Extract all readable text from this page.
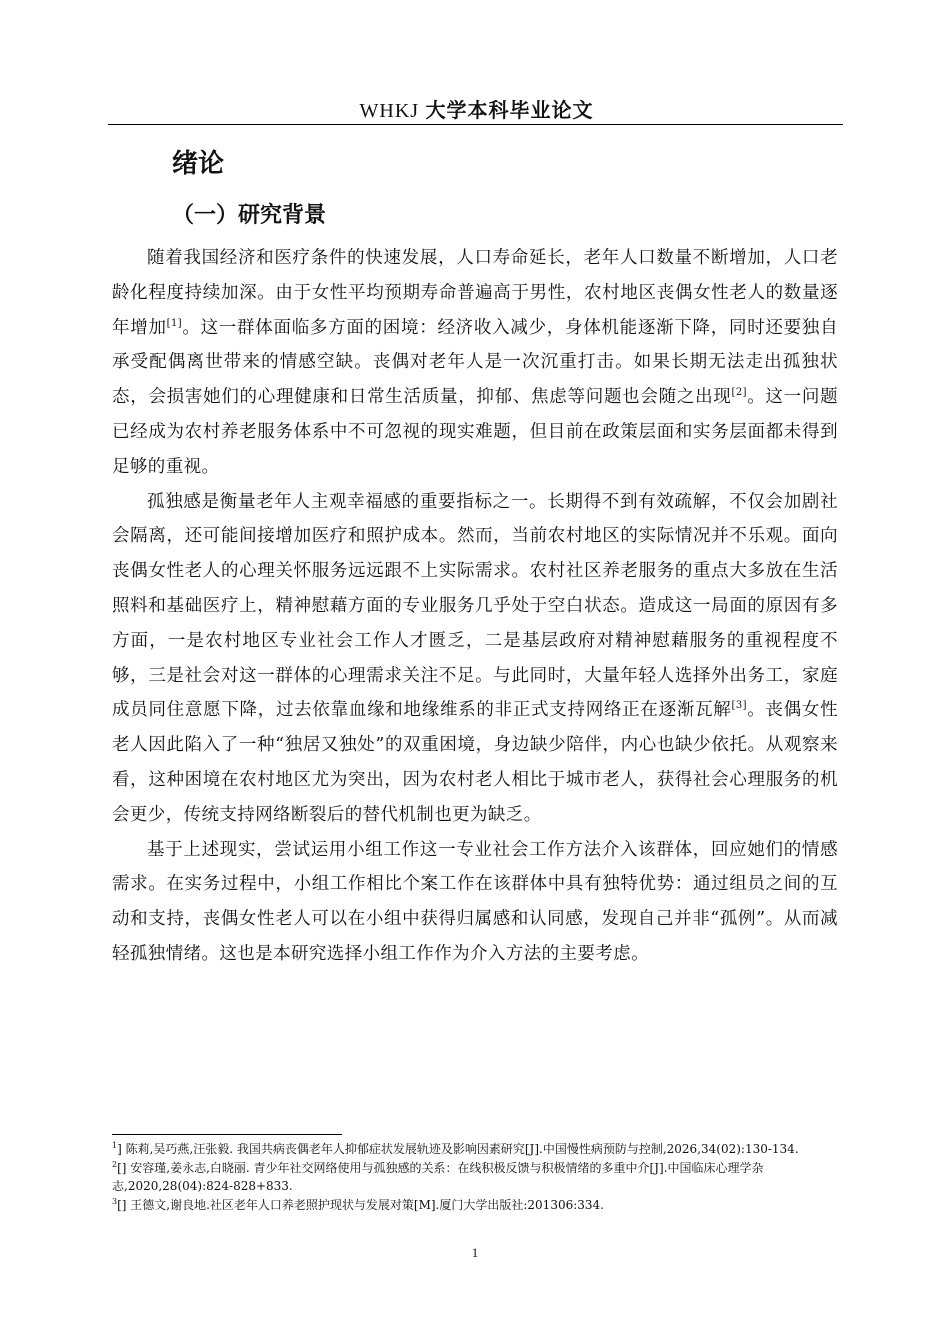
WHKJ 大学本科毕业论文
绪论
（一）研究背景

随着我国经济和医疗条件的快速发展，人口寿命延长，老年人口数量不断增加，人口老龄化程度持续加深。由于女性平均预期寿命普遍高于男性，农村地区丧偶女性老人的数量逐年增加[1]。这一群体面临多方面的困境：经济收入减少，身体机能逐渐下降，同时还要独自承受配偶离世带来的情感空缺。丧偶对老年人是一次沉重打击。如果长期无法走出孤独状态，会损害她们的心理健康和日常生活质量，抑郁、焦虑等问题也会随之出现[2]。这一问题已经成为农村养老服务体系中不可忽视的现实难题，但目前在政策层面和实务层面都未得到足够的重视。

孤独感是衡量老年人主观幸福感的重要指标之一。长期得不到有效疏解，不仅会加剧社会隔离，还可能间接增加医疗和照护成本。然而，当前农村地区的实际情况并不乐观。面向丧偶女性老人的心理关怀服务远远跟不上实际需求。农村社区养老服务的重点大多放在生活照料和基础医疗上，精神慰藉方面的专业服务几乎处于空白状态。造成这一局面的原因有多方面，一是农村地区专业社会工作人才匮乏，二是基层政府对精神慰藉服务的重视程度不够，三是社会对这一群体的心理需求关注不足。与此同时，大量年轻人选择外出务工，家庭成员同住意愿下降，过去依靠血缘和地缘维系的非正式支持网络正在逐渐瓦解[3]。丧偶女性老人因此陷入了一种“独居又独处”的双重困境，身边缺少陪伴，内心也缺少依托。从观察来看，这种困境在农村地区尤为突出，因为农村老人相比于城市老人，获得社会心理服务的机会更少，传统支持网络断裂后的替代机制也更为缺乏。

基于上述现实，尝试运用小组工作这一专业社会工作方法介入该群体，回应她们的情感需求。在实务过程中，小组工作相比个案工作在该群体中具有独特优势：通过组员之间的互动和支持，丧偶女性老人可以在小组中获得归属感和认同感，发现自己并非“孤例”。从而减轻孤独情绪。这也是本研究选择小组工作作为介入方法的主要考虑。

$^1$] 陈莉,吴巧燕,汪张毅. 我国共病丧偶老年人抑郁症状发展轨迹及影响因素研究[J].中国慢性病预防与控制,2026,34(02):130-134.

$^2$[] 安容瑾,姜永志,白晓丽. 青少年社交网络使用与孤独感的关系：在线积极反馈与积极情绪的多重中介[J].中国临床心理学杂志,2020,28(04):824-828+833.

$^3$[] 王德文,谢良地.社区老年人口养老照护现状与发展对策[M].厦门大学出版社:201306:334.

1
